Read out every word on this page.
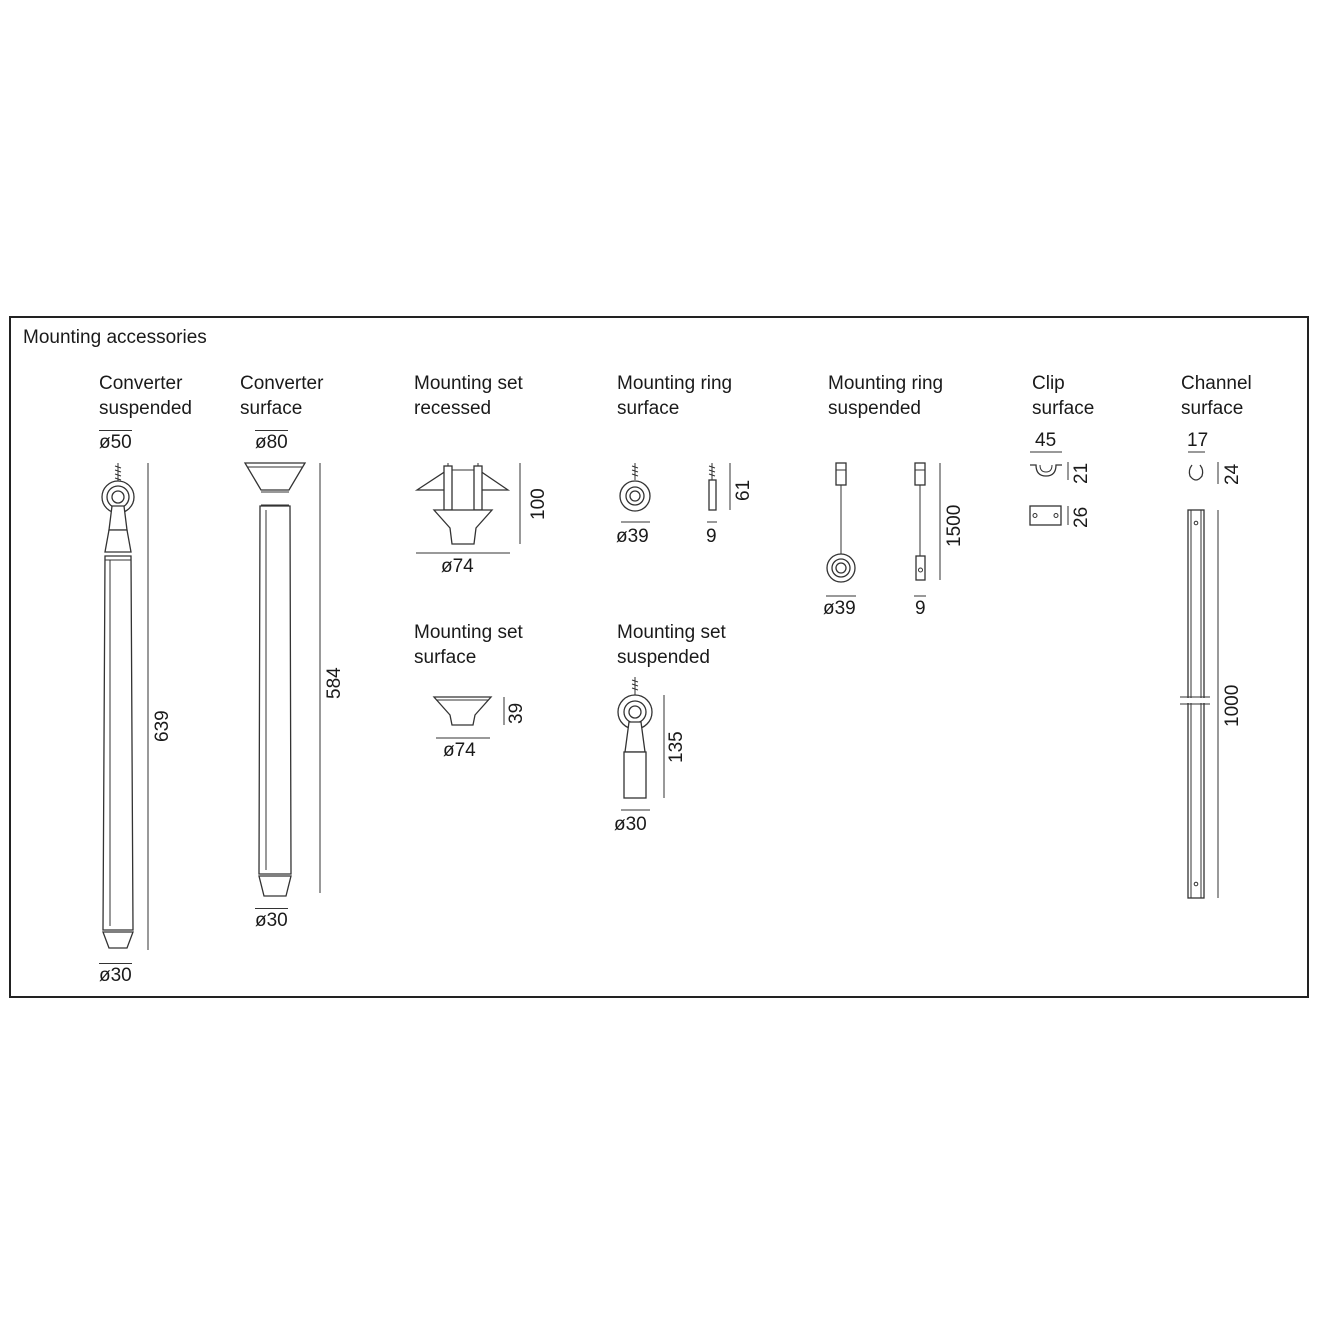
Mounting accessories

Converter

suspended

Converter

surface

Mounting set

recessed

Mounting ring

surface

Mounting ring

suspended

Clip

surface

Channel

surface

Mounting set

surface

Mounting set

suspended

ø50
639
ø30
ø80
584
ø30
100
ø74
39
ø74
ø39
61
9
135
ø30
ø39
1500
9
45
21
26
17
24
1000
